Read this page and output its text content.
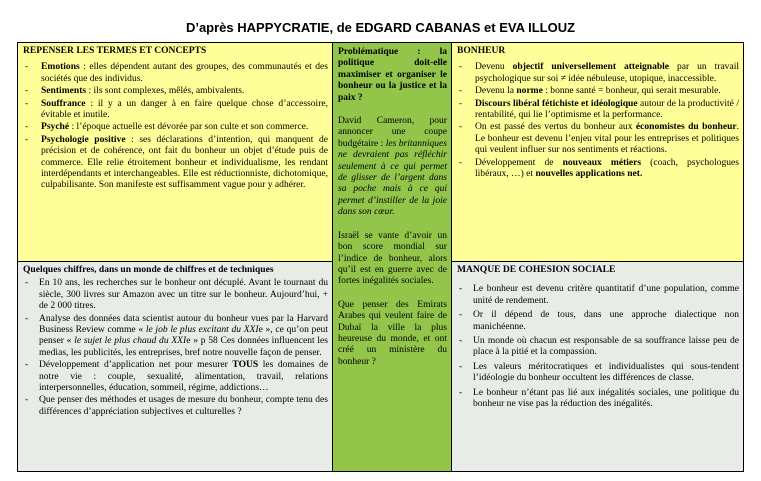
D’après HAPPYCRATIE, de EDGARD CABANAS et EVA ILLOUZ
REPENSER LES TERMES ET CONCEPTS
- Emotions : elles dépendent autant des groupes, des communautés et des sociétés que des individus.
- Sentiments : ils sont complexes, mêlés, ambivalents.
- Souffrance : il y a un danger à en faire quelque chose d’accessoire, évitable et inutile.
- Psyché : l’époque actuelle est dévorée par son culte et son commerce.
- Psychologie positive : ses déclarations d’intention, qui manquent de précision et de cohérence, ont fait du bonheur un objet d’étude puis de commerce. Elle relie étroitement bonheur et individualisme, les rendant interdépendants et interchangeables. Elle est réductionniste, dichotomique, culpabilisante. Son manifeste est suffisamment vague pour y adhérer.
Quelques chiffres, dans un monde de chiffres et de techniques
- En 10 ans, les recherches sur le bonheur ont décuplé. Avant le tournant du siècle, 300 livres sur Amazon avec un titre sur le bonheur. Aujourd’hui, + de 2 000 titres.
- Analyse des données data scientist autour du bonheur vues par la Harvard Business Review comme « le job le plus excitant du XXIe », ce qu’on peut penser « le sujet le plus chaud du XXIe » p 58 Ces données influencent les medias, les publicités, les entreprises, bref notre nouvelle façon de penser.
- Développement d’application net pour mesurer TOUS les domaines de notre vie : couple, sexualité, alimentation, travail, relations interpersonnelles, éducation, sommeil, régime, addictions…
- Que penser des méthodes et usages de mesure du bonheur, compte tenu des différences d’appréciation subjectives et culturelles ?

Problématique : la politique doit-elle maximiser et organiser le bonheur ou la justice et la paix ?

David Cameron, pour annoncer une coupe budgétaire : les britanniques ne devraient pas réfléchir seulement à ce qui permet de glisser de l’argent dans sa poche mais à ce qui permet d’instiller de la joie dans son cœur.

Israël se vante d’avoir un bon score mondial sur l’indice de bonheur, alors qu’il est en guerre avec de fortes inégalités sociales.

Que penser des Emirats Arabes qui veulent faire de Dubaï la ville la plus heureuse du monde, et ont créé un ministère du bonheur ?

BONHEUR
- Devenu objectif universellement atteignable par un travail psychologique sur soi ≠ idée nébuleuse, utopique, inaccessible.
- Devenu la norme : bonne santé = bonheur, qui serait mesurable.
- Discours libéral fétichiste et idéologique autour de la productivité / rentabilité, qui lie l’optimisme et la performance.
- On est passé des vertus du bonheur aux économistes du bonheur. Le bonheur est devenu l’enjeu vital pour les entreprises et politiques qui veulent influer sur nos sentiments et réactions.
- Développement de nouveaux métiers (coach, psychologues libéraux, …) et nouvelles applications net.
MANQUE DE COHESION SOCIALE
- Le bonheur est devenu critère quantitatif d’une population, comme unité de rendement.
- Or il dépend de tous, dans une approche dialectique non manichéenne.
- Un monde où chacun est responsable de sa souffrance laisse peu de place à la pitié et la compassion.
- Les valeurs méritocratiques et individualistes qui sous-tendent l’idéologie du bonheur occultent les différences de classe.
- Le bonheur n’étant pas lié aux inégalités sociales, une politique du bonheur ne vise pas la réduction des inégalités.
